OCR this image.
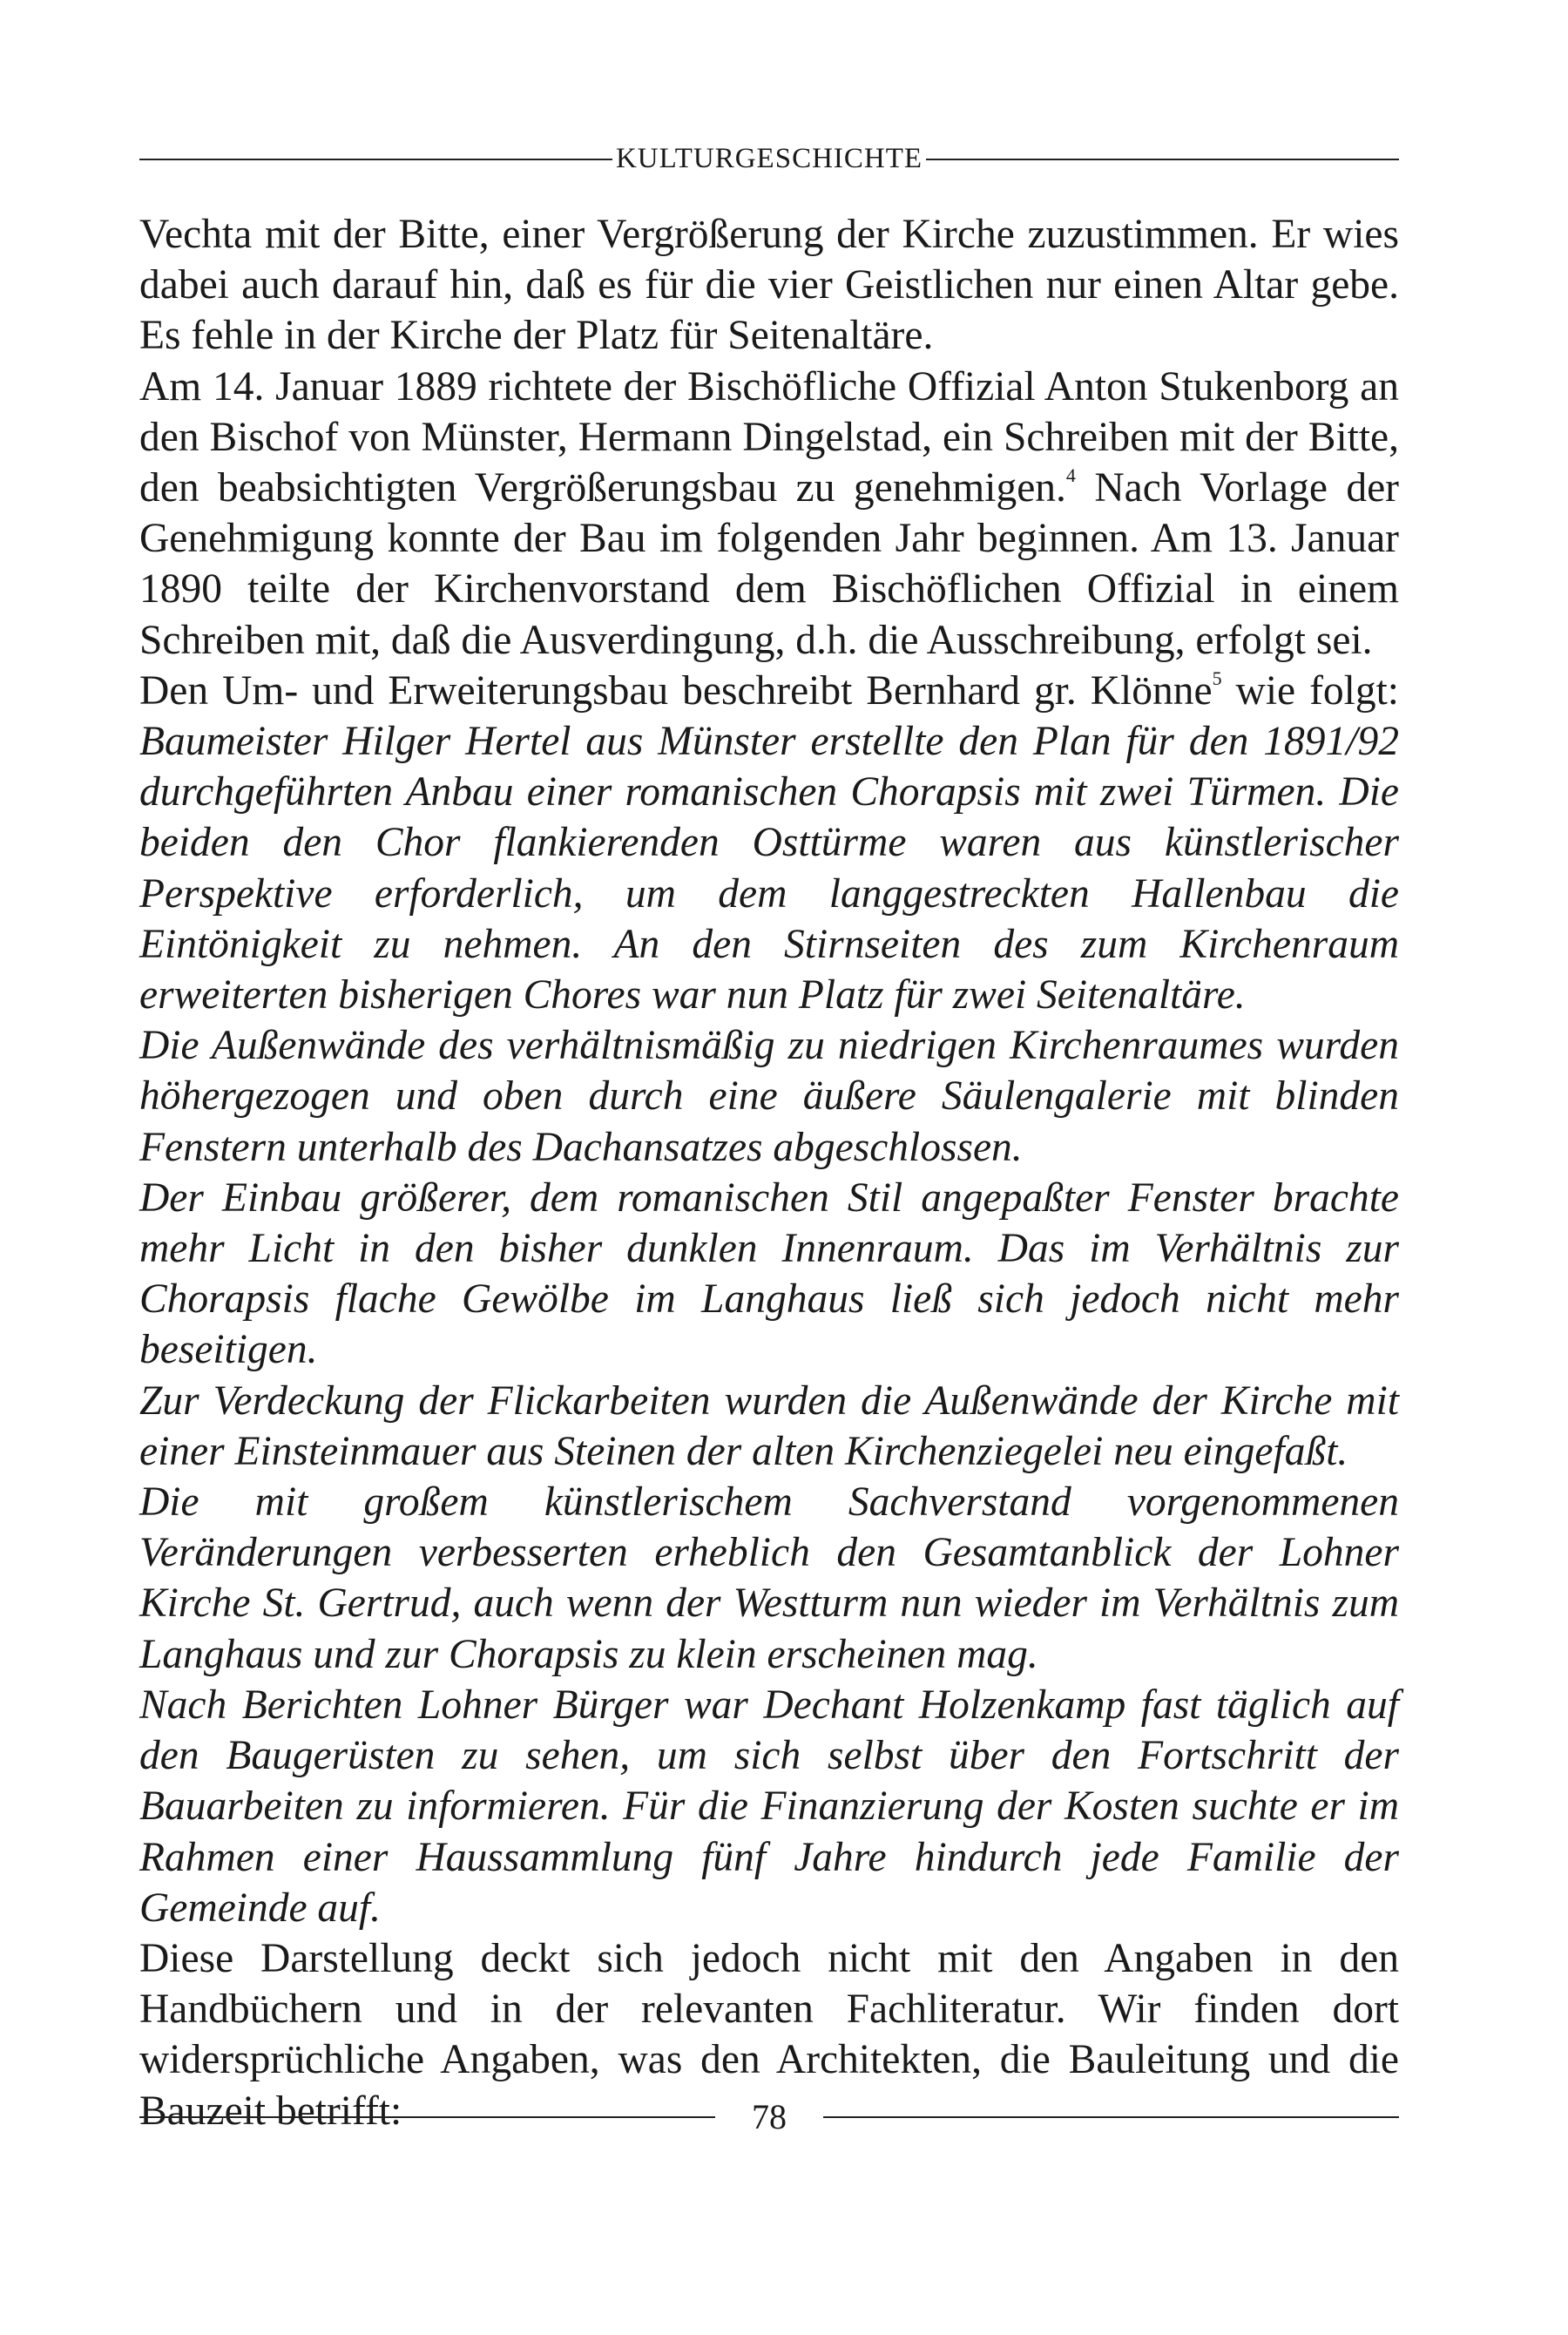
KULTURGESCHICHTE

Vechta mit der Bitte, einer Vergrößerung der Kirche zuzustimmen. Er wies dabei auch darauf hin, daß es für die vier Geistlichen nur einen Altar gebe. Es fehle in der Kirche der Platz für Seitenaltäre.

Am 14. Januar 1889 richtete der Bischöfliche Offizial Anton Stukenborg an den Bischof von Münster, Hermann Dingelstad, ein Schreiben mit der Bitte, den beabsichtigten Vergrößerungsbau zu genehmigen.$^4$ Nach Vorlage der Genehmigung konnte der Bau im folgenden Jahr beginnen. Am 13. Januar 1890 teilte der Kirchenvorstand dem Bischöflichen Offizial in einem Schreiben mit, daß die Ausverdingung, d.h. die Ausschreibung, erfolgt sei.

Den Um- und Erweiterungsbau beschreibt Bernhard gr. Klönne$^5$ wie folgt: Baumeister Hilger Hertel aus Münster erstellte den Plan für den 1891/92 durchgeführten Anbau einer romanischen Chorapsis mit zwei Türmen. Die beiden den Chor flankierenden Osttürme waren aus künstlerischer Perspektive erforderlich, um dem langgestreckten Hallenbau die Eintönigkeit zu nehmen. An den Stirnseiten des zum Kirchenraum erweiterten bisherigen Chores war nun Platz für zwei Seitenaltäre.

Die Außenwände des verhältnismäßig zu niedrigen Kirchenraumes wurden höhergezogen und oben durch eine äußere Säulengalerie mit blinden Fenstern unterhalb des Dachansatzes abgeschlossen.

Der Einbau größerer, dem romanischen Stil angepaßter Fenster brachte mehr Licht in den bisher dunklen Innenraum. Das im Verhältnis zur Chorapsis flache Gewölbe im Langhaus ließ sich jedoch nicht mehr beseitigen.

Zur Verdeckung der Flickarbeiten wurden die Außenwände der Kirche mit einer Einsteinmauer aus Steinen der alten Kirchenziegelei neu eingefaßt.

Die mit großem künstlerischem Sachverstand vorgenommenen Veränderungen verbesserten erheblich den Gesamtanblick der Lohner Kirche St. Gertrud, auch wenn der Westturm nun wieder im Verhältnis zum Langhaus und zur Chorapsis zu klein erscheinen mag.

Nach Berichten Lohner Bürger war Dechant Holzenkamp fast täglich auf den Baugerüsten zu sehen, um sich selbst über den Fortschritt der Bauarbeiten zu informieren. Für die Finanzierung der Kosten suchte er im Rahmen einer Haussammlung fünf Jahre hindurch jede Familie der Gemeinde auf.

Diese Darstellung deckt sich jedoch nicht mit den Angaben in den Handbüchern und in der relevanten Fachliteratur. Wir finden dort widersprüchliche Angaben, was den Architekten, die Bauleitung und die Bauzeit betrifft:	78
